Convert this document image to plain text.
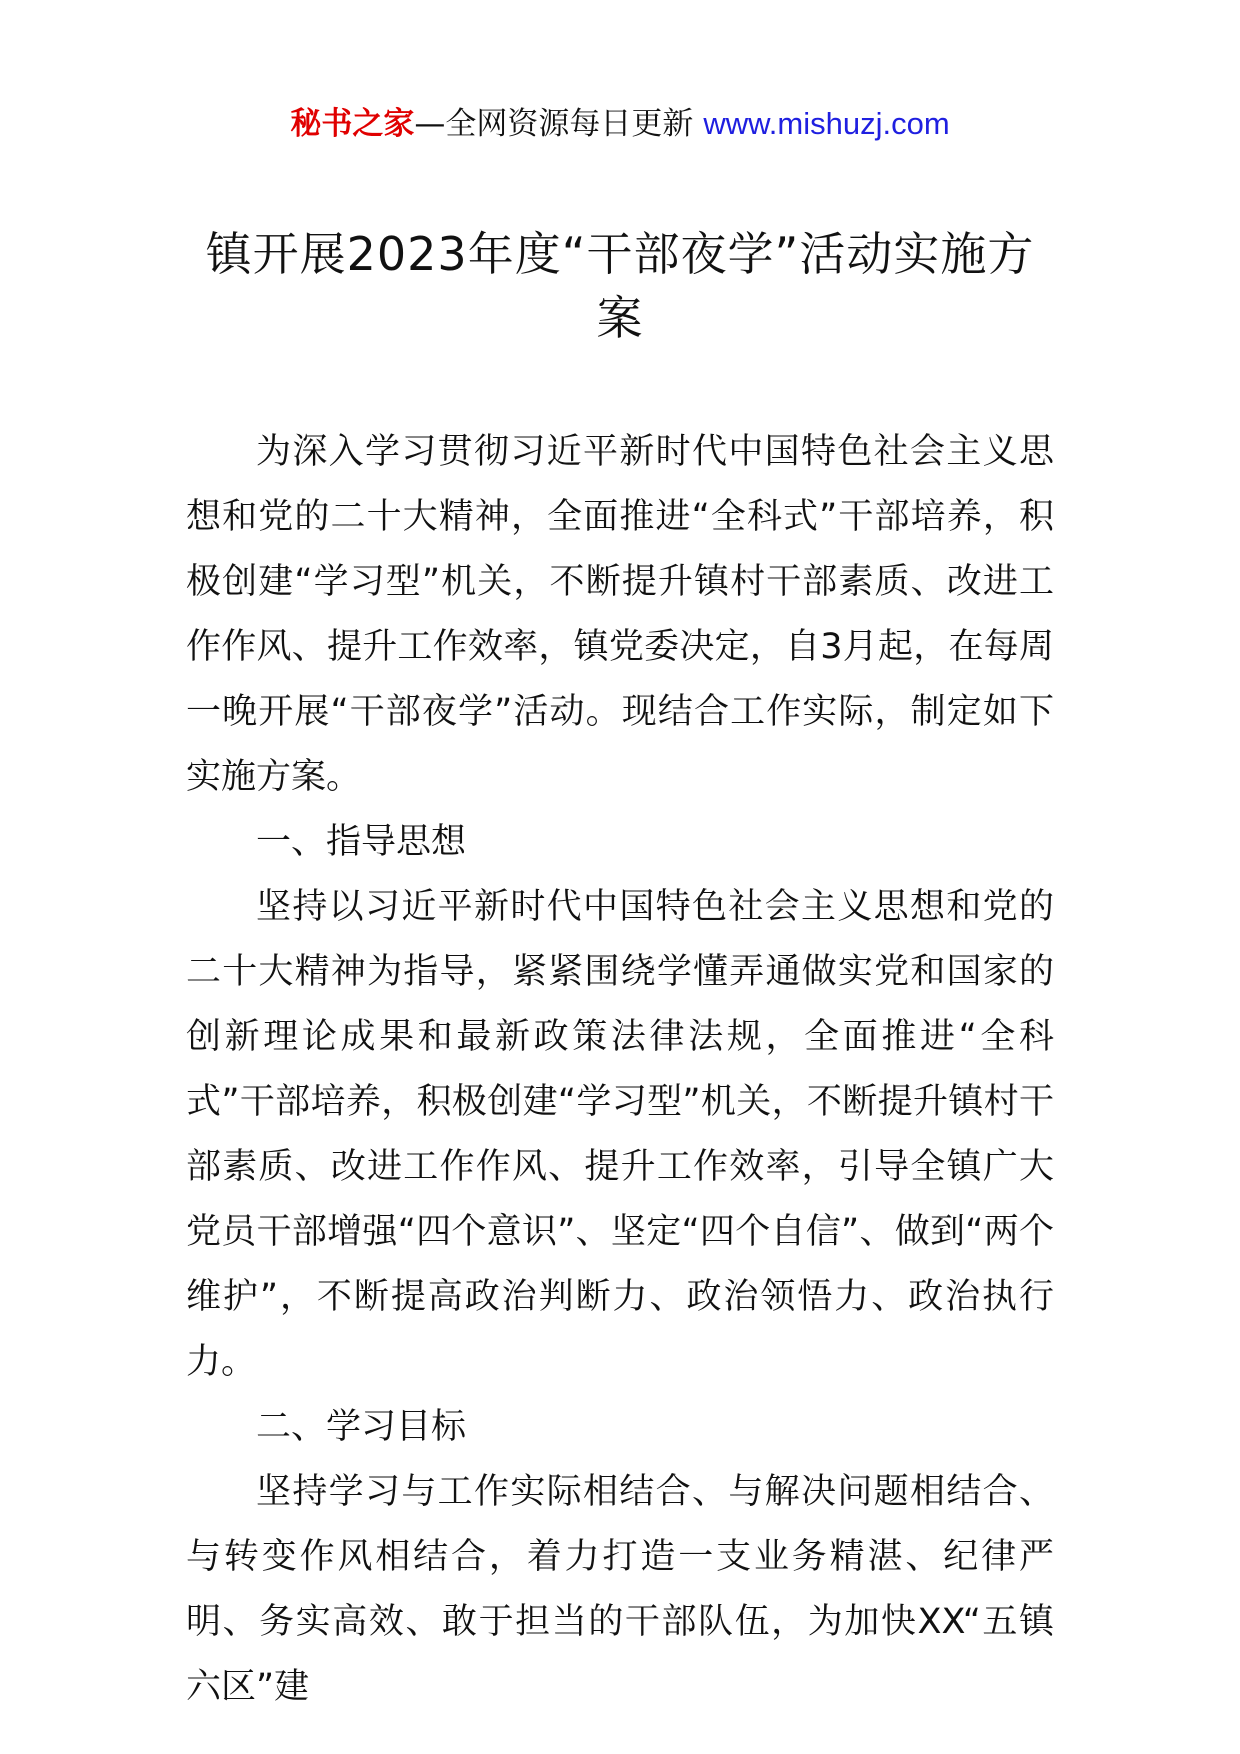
秘书之家—全网资源每日更新 www.mishuzj.com
镇开展2023年度“干部夜学”活动实施方案

为深入学习贯彻习近平新时代中国特色社会主义思想和党的二十大精神，全面推进“全科式”干部培养，积极创建“学习型”机关，不断提升镇村干部素质、改进工作作风、提升工作效率，镇党委决定，自3月起，在每周一晚开展“干部夜学”活动。现结合工作实际，制定如下实施方案。

一、指导思想

坚持以习近平新时代中国特色社会主义思想和党的二十大精神为指导，紧紧围绕学懂弄通做实党和国家的创新理论成果和最新政策法律法规，全面推进“全科式”干部培养，积极创建“学习型”机关，不断提升镇村干部素质、改进工作作风、提升工作效率，引导全镇广大党员干部增强“四个意识”、坚定“四个自信”、做到“两个维护”，不断提高政治判断力、政治领悟力、政治执行力。

二、学习目标

坚持学习与工作实际相结合、与解决问题相结合、与转变作风相结合，着力打造一支业务精湛、纪律严明、务实高效、敢于担当的干部队伍，为加快XX“五镇六区”建
